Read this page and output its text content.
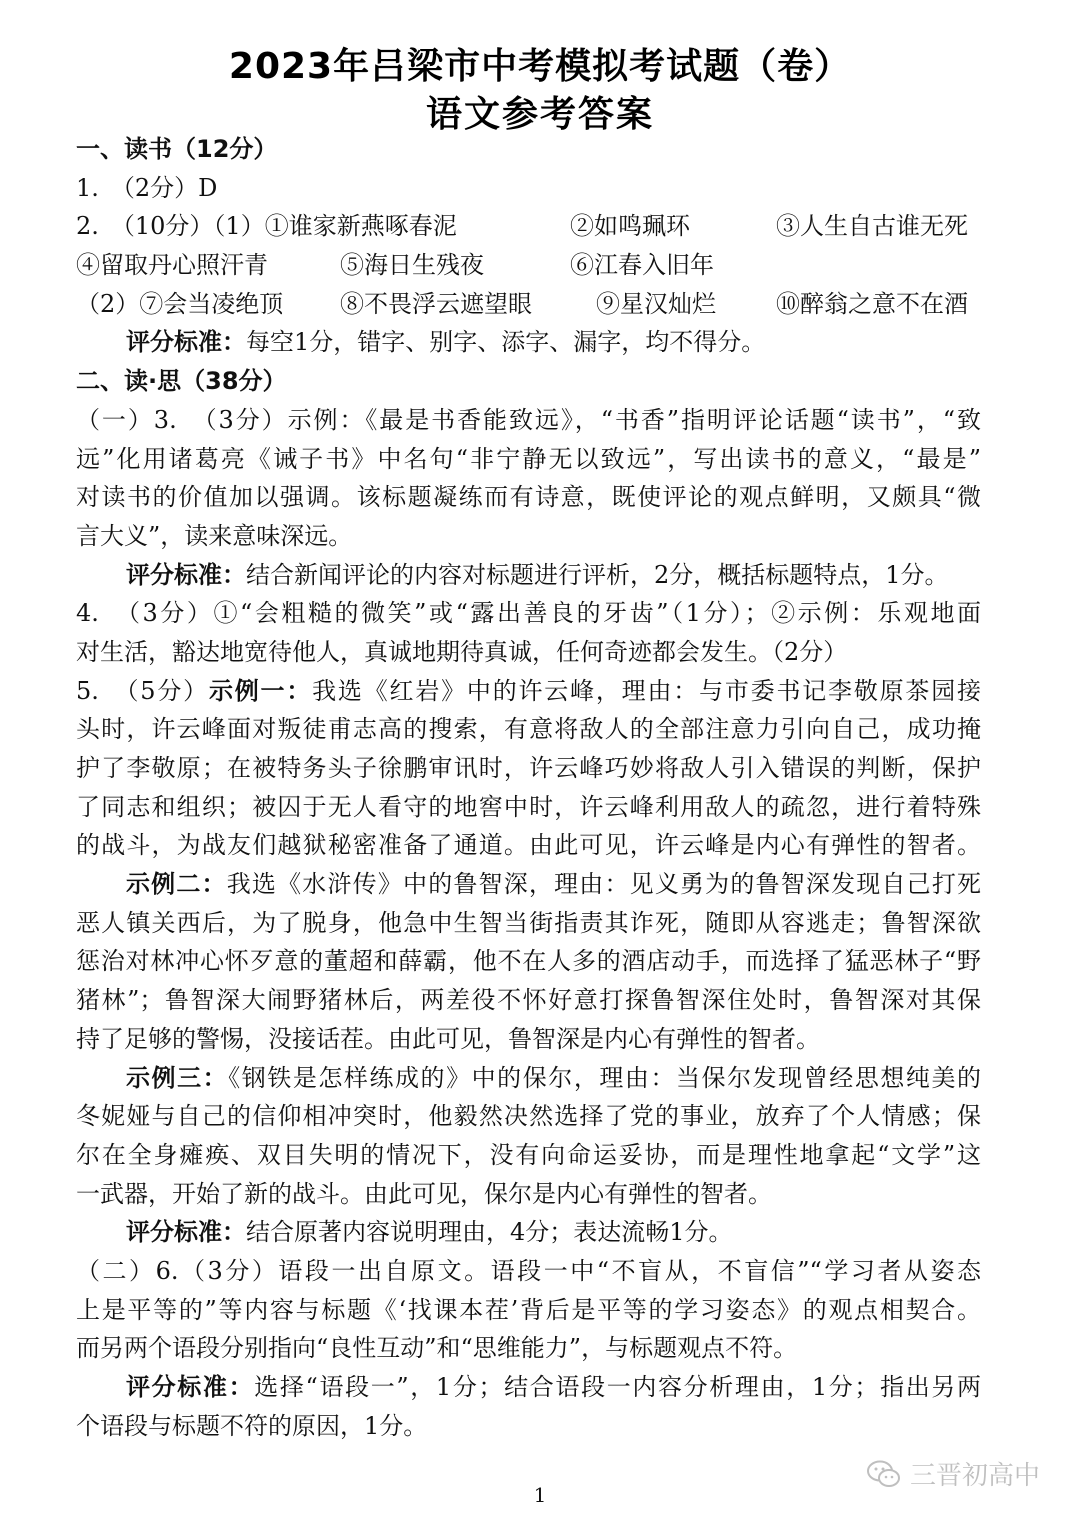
2023年吕梁市中考模拟考试题（卷）
语文参考答案
一、读书（12分）
1.　（2分）D
2.　（10分）（1）①谁家新燕啄春泥	②如鸣珮环	③人生自古谁无死
④留取丹心照汗青	⑤海日生残夜	⑥江春入旧年
（2）⑦会当凌绝顶	⑧不畏浮云遮望眼	⑨星汉灿烂	⑩醉翁之意不在酒
评分标准：每空1分，错字、别字、添字、漏字，均不得分。
二、读·思（38分）
（一）3.　（3分）示例：《最是书香能致远》，“书香”指明评论话题“读书”，“致
远”化用诸葛亮《诫子书》中名句“非宁静无以致远”，写出读书的意义，“最是”
对读书的价值加以强调。该标题凝练而有诗意，既使评论的观点鲜明，又颇具“微
言大义”，读来意味深远。
评分标准：结合新闻评论的内容对标题进行评析，2分，概括标题特点，1分。
4.　（3分）①“会粗糙的微笑”或“露出善良的牙齿”（1分）；②示例：乐观地面
对生活，豁达地宽待他人，真诚地期待真诚，任何奇迹都会发生。（2分）
5.　（5分）示例一：我选《红岩》中的许云峰，理由：与市委书记李敬原茶园接
头时，许云峰面对叛徒甫志高的搜索，有意将敌人的全部注意力引向自己，成功掩
护了李敬原；在被特务头子徐鹏审讯时，许云峰巧妙将敌人引入错误的判断，保护
了同志和组织；被囚于无人看守的地窖中时，许云峰利用敌人的疏忽，进行着特殊
的战斗，为战友们越狱秘密准备了通道。由此可见，许云峰是内心有弹性的智者。
示例二：我选《水浒传》中的鲁智深，理由：见义勇为的鲁智深发现自己打死
恶人镇关西后，为了脱身，他急中生智当街指责其诈死，随即从容逃走；鲁智深欲
惩治对林冲心怀歹意的董超和薛霸，他不在人多的酒店动手，而选择了猛恶林子“野
猪林”；鲁智深大闹野猪林后，两差役不怀好意打探鲁智深住处时，鲁智深对其保
持了足够的警惕，没接话茬。由此可见，鲁智深是内心有弹性的智者。
示例三：《钢铁是怎样练成的》中的保尔，理由：当保尔发现曾经思想纯美的
冬妮娅与自己的信仰相冲突时，他毅然决然选择了党的事业，放弃了个人情感；保
尔在全身瘫痪、双目失明的情况下，没有向命运妥协，而是理性地拿起“文学”这
一武器，开始了新的战斗。由此可见，保尔是内心有弹性的智者。
评分标准：结合原著内容说明理由，4分；表达流畅1分。
（二）6.（3分）语段一出自原文。语段一中“不盲从，不盲信”“学习者从姿态
上是平等的”等内容与标题《‘找课本茬’背后是平等的学习姿态》的观点相契合。
而另两个语段分别指向“良性互动”和“思维能力”，与标题观点不符。
评分标准：选择“语段一”，1分；结合语段一内容分析理由，1分；指出另两
个语段与标题不符的原因，1分。
三晋初高中
1
